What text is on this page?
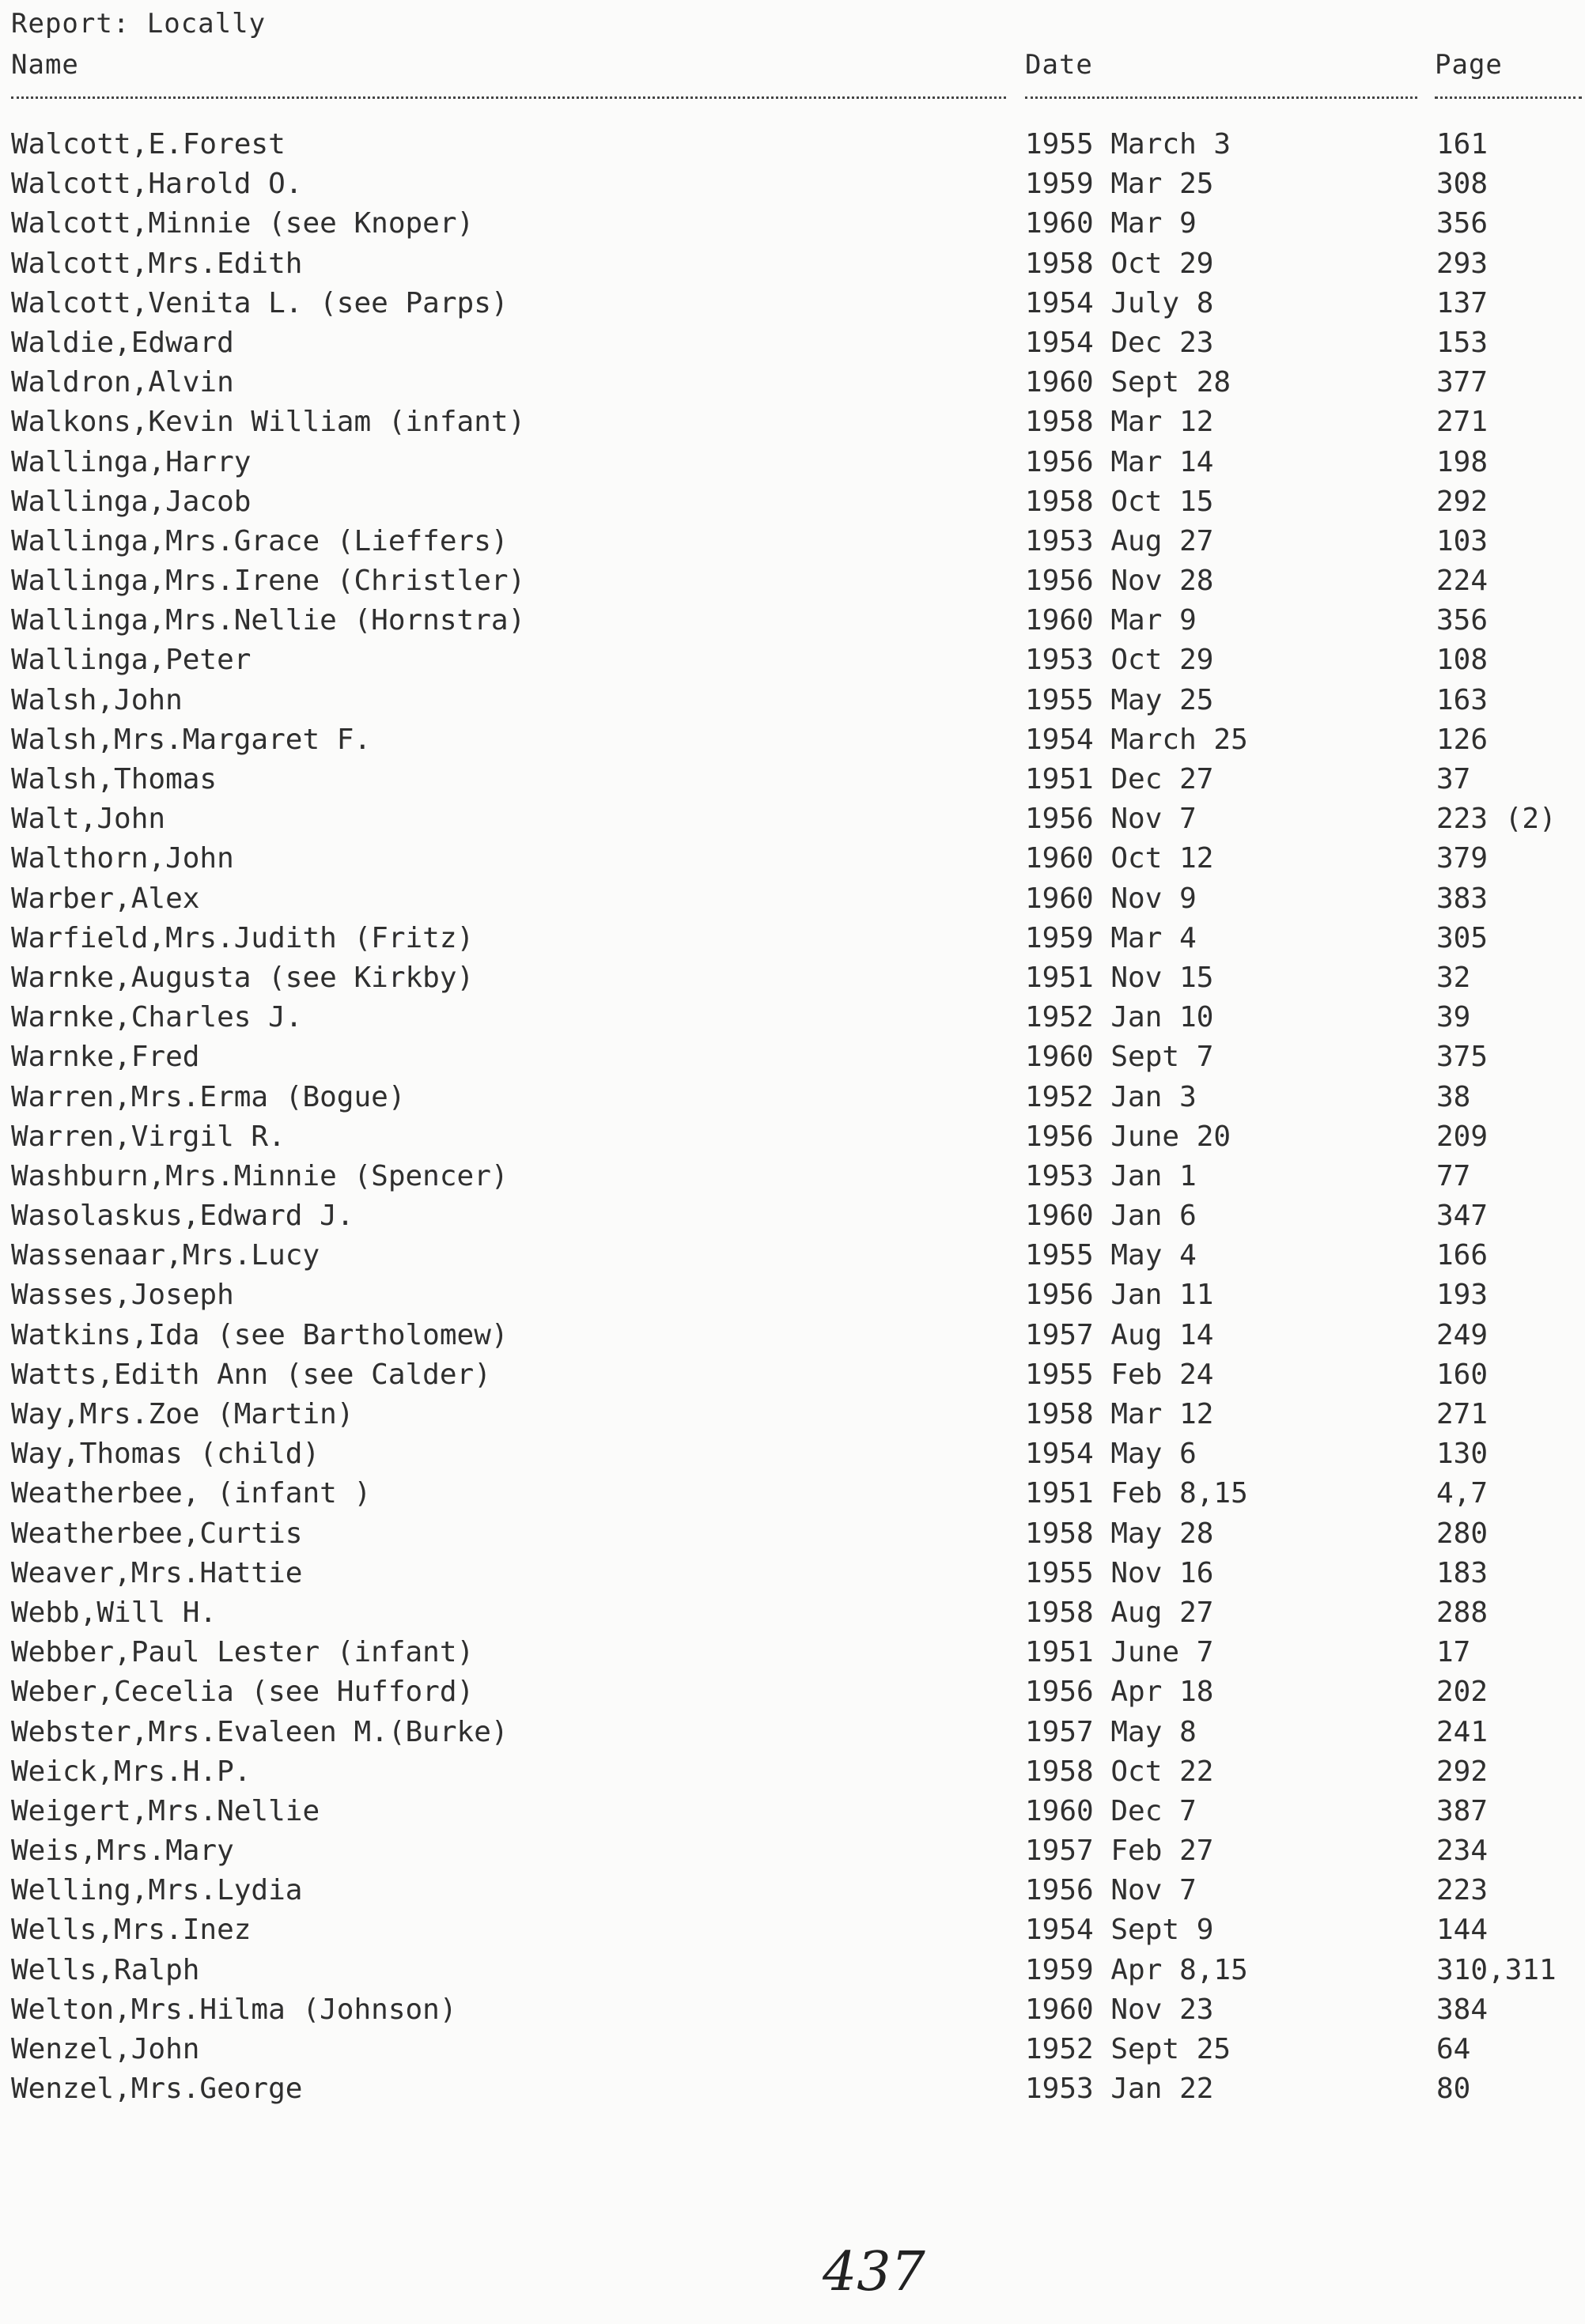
Report: Locally
Name	Date	Page
Walcott,E.Forest	1955 March 3	161
Walcott,Harold O.	1959 Mar 25	308
Walcott,Minnie (see Knoper)	1960 Mar 9	356
Walcott,Mrs.Edith	1958 Oct 29	293
Walcott,Venita L. (see Parps)	1954 July 8	137
Waldie,Edward	1954 Dec 23	153
Waldron,Alvin	1960 Sept 28	377
Walkons,Kevin William (infant)	1958 Mar 12	271
Wallinga,Harry	1956 Mar 14	198
Wallinga,Jacob	1958 Oct 15	292
Wallinga,Mrs.Grace (Lieffers)	1953 Aug 27	103
Wallinga,Mrs.Irene (Christler)	1956 Nov 28	224
Wallinga,Mrs.Nellie (Hornstra)	1960 Mar 9	356
Wallinga,Peter	1953 Oct 29	108
Walsh,John	1955 May 25	163
Walsh,Mrs.Margaret F.	1954 March 25	126
Walsh,Thomas	1951 Dec 27	37
Walt,John	1956 Nov 7	223 (2)
Walthorn,John	1960 Oct 12	379
Warber,Alex	1960 Nov 9	383
Warfield,Mrs.Judith (Fritz)	1959 Mar 4	305
Warnke,Augusta (see Kirkby)	1951 Nov 15	32
Warnke,Charles J.	1952 Jan 10	39
Warnke,Fred	1960 Sept 7	375
Warren,Mrs.Erma (Bogue)	1952 Jan 3	38
Warren,Virgil R.	1956 June 20	209
Washburn,Mrs.Minnie (Spencer)	1953 Jan 1	77
Wasolaskus,Edward J.	1960 Jan 6	347
Wassenaar,Mrs.Lucy	1955 May 4	166
Wasses,Joseph	1956 Jan 11	193
Watkins,Ida (see Bartholomew)	1957 Aug 14	249
Watts,Edith Ann (see Calder)	1955 Feb 24	160
Way,Mrs.Zoe (Martin)	1958 Mar 12	271
Way,Thomas (child)	1954 May 6	130
Weatherbee, (infant )	1951 Feb 8,15	4,7
Weatherbee,Curtis	1958 May 28	280
Weaver,Mrs.Hattie	1955 Nov 16	183
Webb,Will H.	1958 Aug 27	288
Webber,Paul Lester (infant)	1951 June 7	17
Weber,Cecelia (see Hufford)	1956 Apr 18	202
Webster,Mrs.Evaleen M.(Burke)	1957 May 8	241
Weick,Mrs.H.P.	1958 Oct 22	292
Weigert,Mrs.Nellie	1960 Dec 7	387
Weis,Mrs.Mary	1957 Feb 27	234
Welling,Mrs.Lydia	1956 Nov 7	223
Wells,Mrs.Inez	1954 Sept 9	144
Wells,Ralph	1959 Apr 8,15	310,311
Welton,Mrs.Hilma (Johnson)	1960 Nov 23	384
Wenzel,John	1952 Sept 25	64
Wenzel,Mrs.George	1953 Jan 22	80
437
